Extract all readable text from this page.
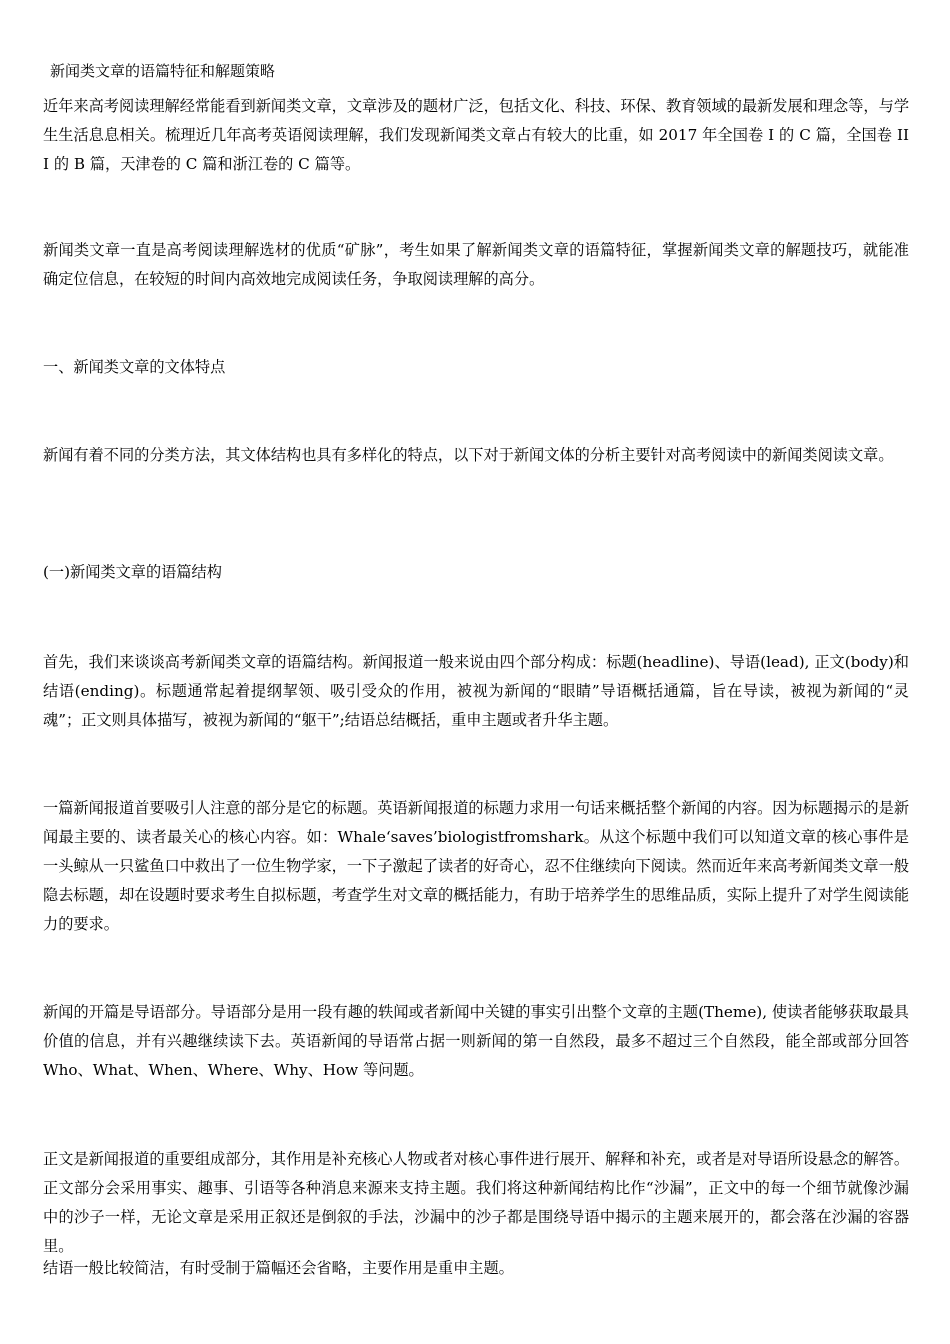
新闻类文章的语篇特征和解题策略

近年来高考阅读理解经常能看到新闻类文章，文章涉及的题材广泛，包括文化、科技、环保、教育领域的最新发展和理念等，与学生生活息息相关。梳理近几年高考英语阅读理解，我们发现新闻类文章占有较大的比重，如 2017 年全国卷 I 的 C 篇，全国卷 III 的 B 篇，天津卷的 C 篇和浙江卷的 C 篇等。

新闻类文章一直是高考阅读理解选材的优质“矿脉”，考生如果了解新闻类文章的语篇特征，掌握新闻类文章的解题技巧，就能准确定位信息，在较短的时间内高效地完成阅读任务，争取阅读理解的高分。

一、新闻类文章的文体特点

新闻有着不同的分类方法，其文体结构也具有多样化的特点，以下对于新闻文体的分析主要针对高考阅读中的新闻类阅读文章。

(一)新闻类文章的语篇结构

首先，我们来谈谈高考新闻类文章的语篇结构。新闻报道一般来说由四个部分构成：标题(headline)、导语(lead), 正文(body)和结语(ending)。标题通常起着提纲挈领、吸引受众的作用，被视为新闻的“眼睛”导语概括通篇，旨在导读，被视为新闻的“灵魂”；正文则具体描写，被视为新闻的“躯干”;结语总结概括，重申主题或者升华主题。

一篇新闻报道首要吸引人注意的部分是它的标题。英语新闻报道的标题力求用一句话来概括整个新闻的内容。因为标题揭示的是新闻最主要的、读者最关心的核心内容。如：Whale‘saves’biologistfromshark。从这个标题中我们可以知道文章的核心事件是一头鲸从一只鲨鱼口中救出了一位生物学家，一下子激起了读者的好奇心，忍不住继续向下阅读。然而近年来高考新闻类文章一般隐去标题，却在设题时要求考生自拟标题，考查学生对文章的概括能力，有助于培养学生的思维品质，实际上提升了对学生阅读能力的要求。

新闻的开篇是导语部分。导语部分是用一段有趣的轶闻或者新闻中关键的事实引出整个文章的主题(Theme), 使读者能够获取最具价值的信息，并有兴趣继续读下去。英语新闻的导语常占据一则新闻的第一自然段，最多不超过三个自然段，能全部或部分回答 Who、What、When、Where、Why、How 等问题。

正文是新闻报道的重要组成部分，其作用是补充核心人物或者对核心事件进行展开、解释和补充，或者是对导语所设悬念的解答。正文部分会采用事实、趣事、引语等各种消息来源来支持主题。我们将这种新闻结构比作“沙漏”，正文中的每一个细节就像沙漏中的沙子一样，无论文章是采用正叙还是倒叙的手法，沙漏中的沙子都是围绕导语中揭示的主题来展开的，都会落在沙漏的容器里。

结语一般比较简洁，有时受制于篇幅还会省略，主要作用是重申主题。
